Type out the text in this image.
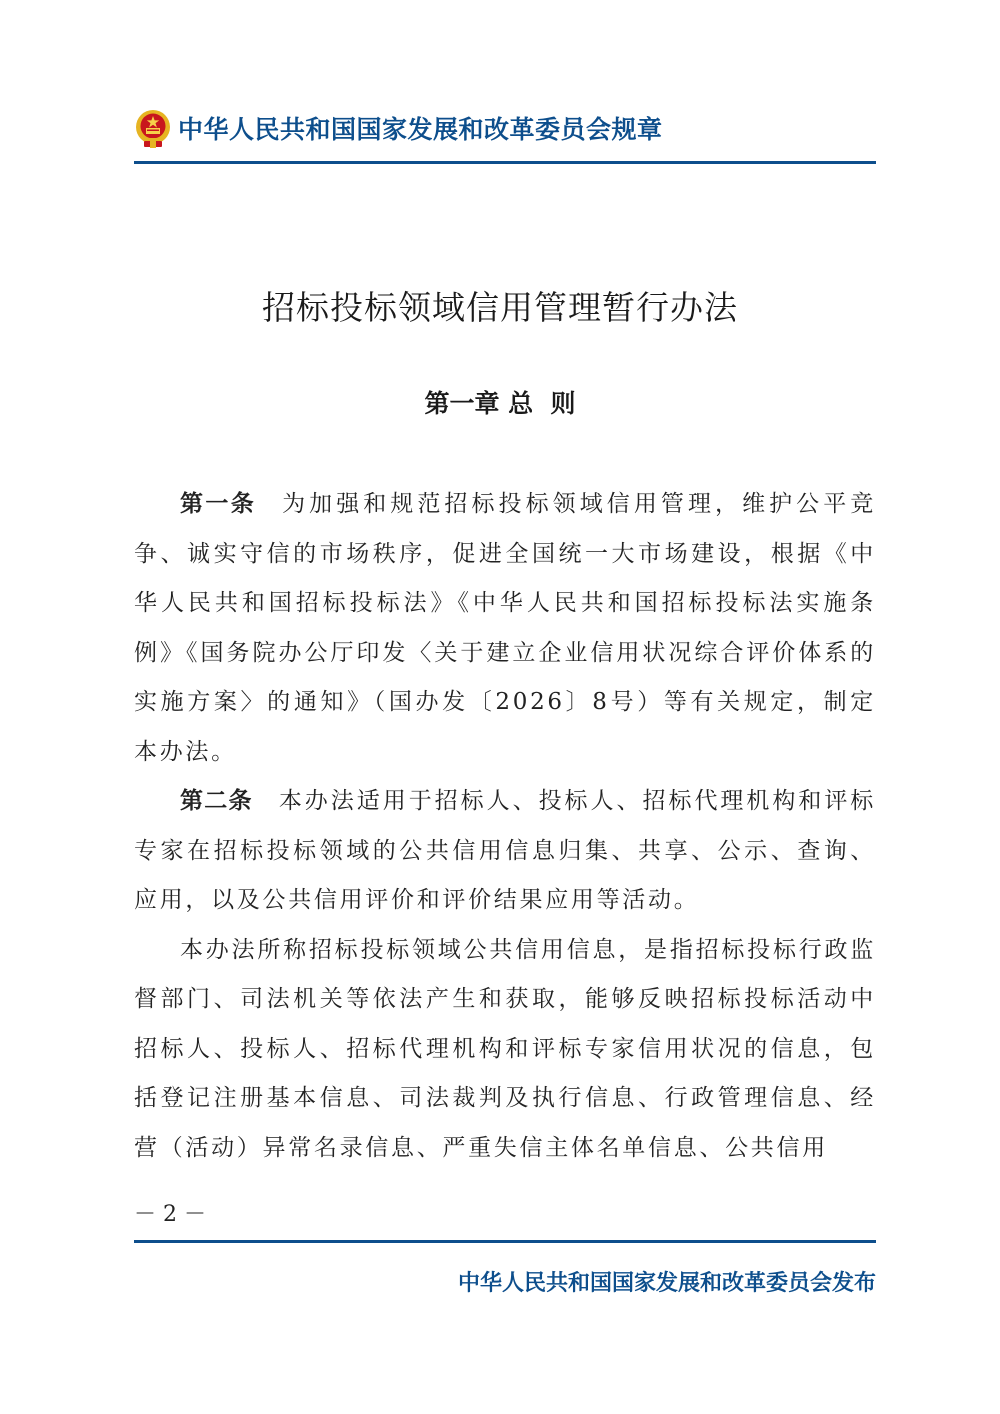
中华人民共和国国家发展和改革委员会规章
招标投标领域信用管理暂行办法
第一章 总  则

第一条 为加强和规范招标投标领域信用管理，维护公平竞争、诚实守信的市场秩序，促进全国统一大市场建设，根据《中华人民共和国招标投标法》《中华人民共和国招标投标法实施条例》《国务院办公厅印发〈关于建立企业信用状况综合评价体系的实施方案〉的通知》（国办发〔2026〕8号）等有关规定，制定本办法。

第二条 本办法适用于招标人、投标人、招标代理机构和评标专家在招标投标领域的公共信用信息归集、共享、公示、查询、应用，以及公共信用评价和评价结果应用等活动。

本办法所称招标投标领域公共信用信息，是指招标投标行政监督部门、司法机关等依法产生和获取，能够反映招标投标活动中招标人、投标人、招标代理机构和评标专家信用状况的信息，包括登记注册基本信息、司法裁判及执行信息、行政管理信息、经营（活动）异常名录信息、严重失信主体名单信息、公共信用

－ 2 －
中华人民共和国国家发展和改革委员会发布
